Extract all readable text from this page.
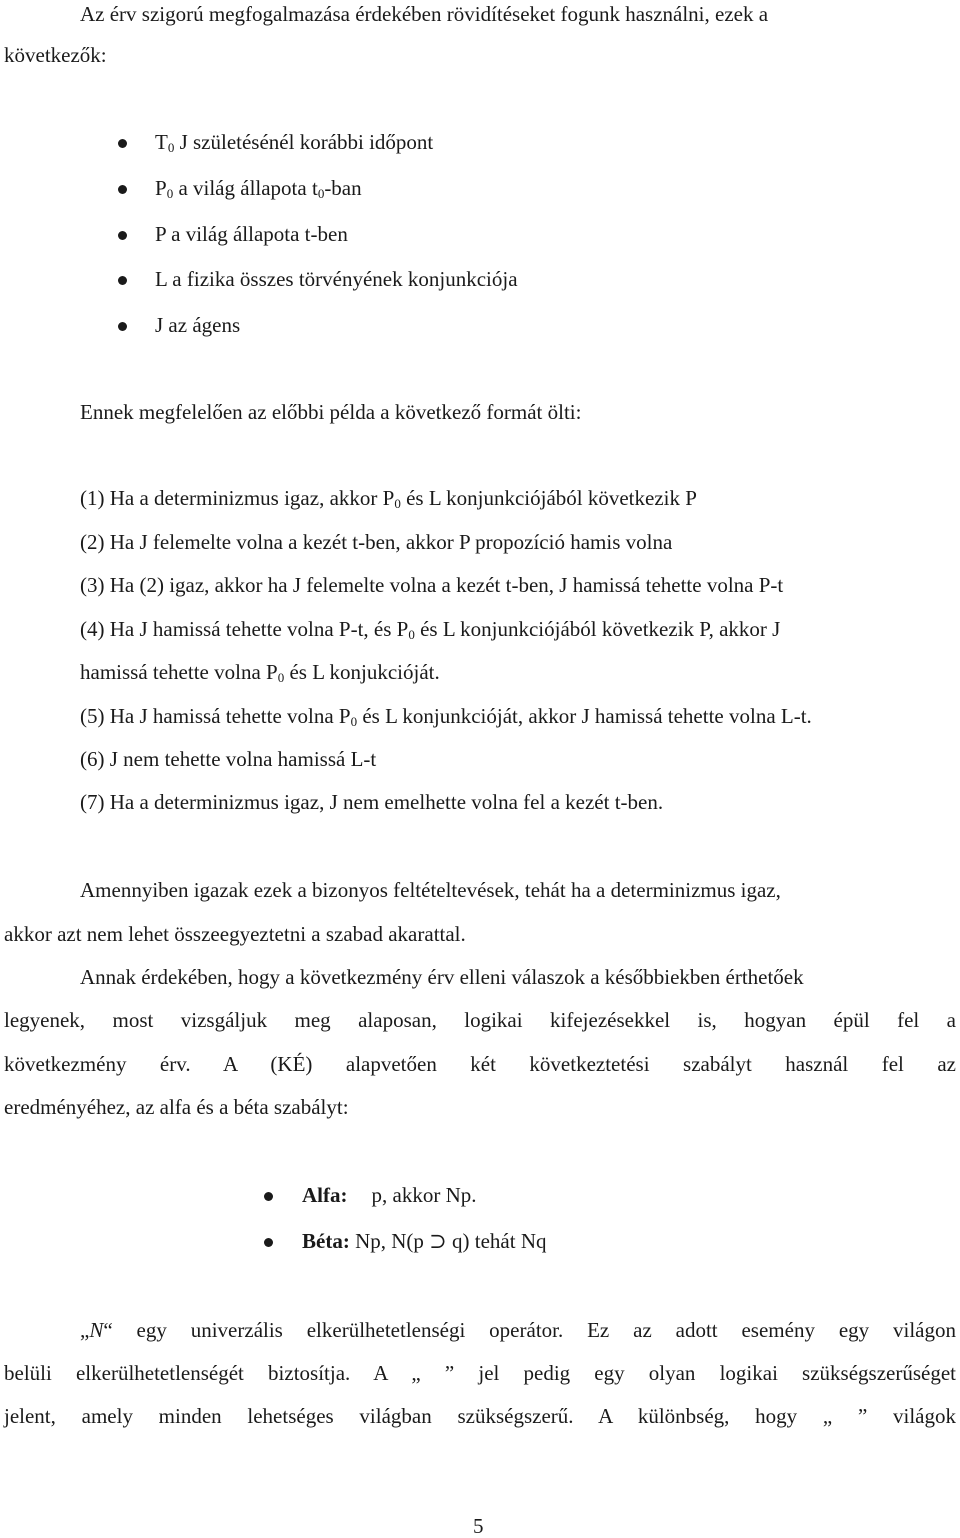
Az érv szigorú megfogalmazása érdekében rövidítéseket fogunk használni, ezek a
következők:
$T_0$ J születésénél korábbi időpont
$P_0$ a világ állapota $t_0$-ban
P a világ állapota t-ben
L a fizika összes törvényének konjunkciója
J az ágens
Ennek megfelelően az előbbi példa a következő formát ölti:
(1) Ha a determinizmus igaz, akkor $P_0$ és L konjunkciójából következik P
(2) Ha J felemelte volna a kezét t-ben, akkor P propozíció hamis volna
(3) Ha (2) igaz, akkor ha J felemelte volna a kezét t-ben, J hamissá tehette volna P-t
(4) Ha J hamissá tehette volna P-t, és $P_0$ és L konjunkciójából következik P, akkor J
hamissá tehette volna $P_0$ és L konjukcióját.
(5) Ha J hamissá tehette volna $P_0$ és L konjunkcióját, akkor J hamissá tehette volna L-t.
(6) J nem tehette volna hamissá L-t
(7) Ha a determinizmus igaz, J nem emelhette volna fel a kezét t-ben.
Amennyiben igazak ezek a bizonyos feltételtevések, tehát ha a determinizmus igaz,
akkor azt nem lehet összeegyeztetni a szabad akarattal.
Annak érdekében, hogy a következmény érv elleni válaszok a későbbiekben érthetőek
legyenek, most vizsgáljuk meg alaposan, logikai kifejezésekkel is, hogyan épül fel a
következmény érv. A (KÉ) alapvetően két következtetési szabályt használ fel az
eredményéhez, az alfa és a béta szabályt:
Alfa: p, akkor Np.
Béta: Np, N(p ⊃ q) tehát Nq
„N“ egy univerzális elkerülhetetlenségi operátor. Ez az adott esemény egy világon
belüli elkerülhetetlenségét biztosítja. A „ ” jel pedig egy olyan logikai szükségszerűséget
jelent, amely minden lehetséges világban szükségszerű. A különbség, hogy „ ” világok
5
